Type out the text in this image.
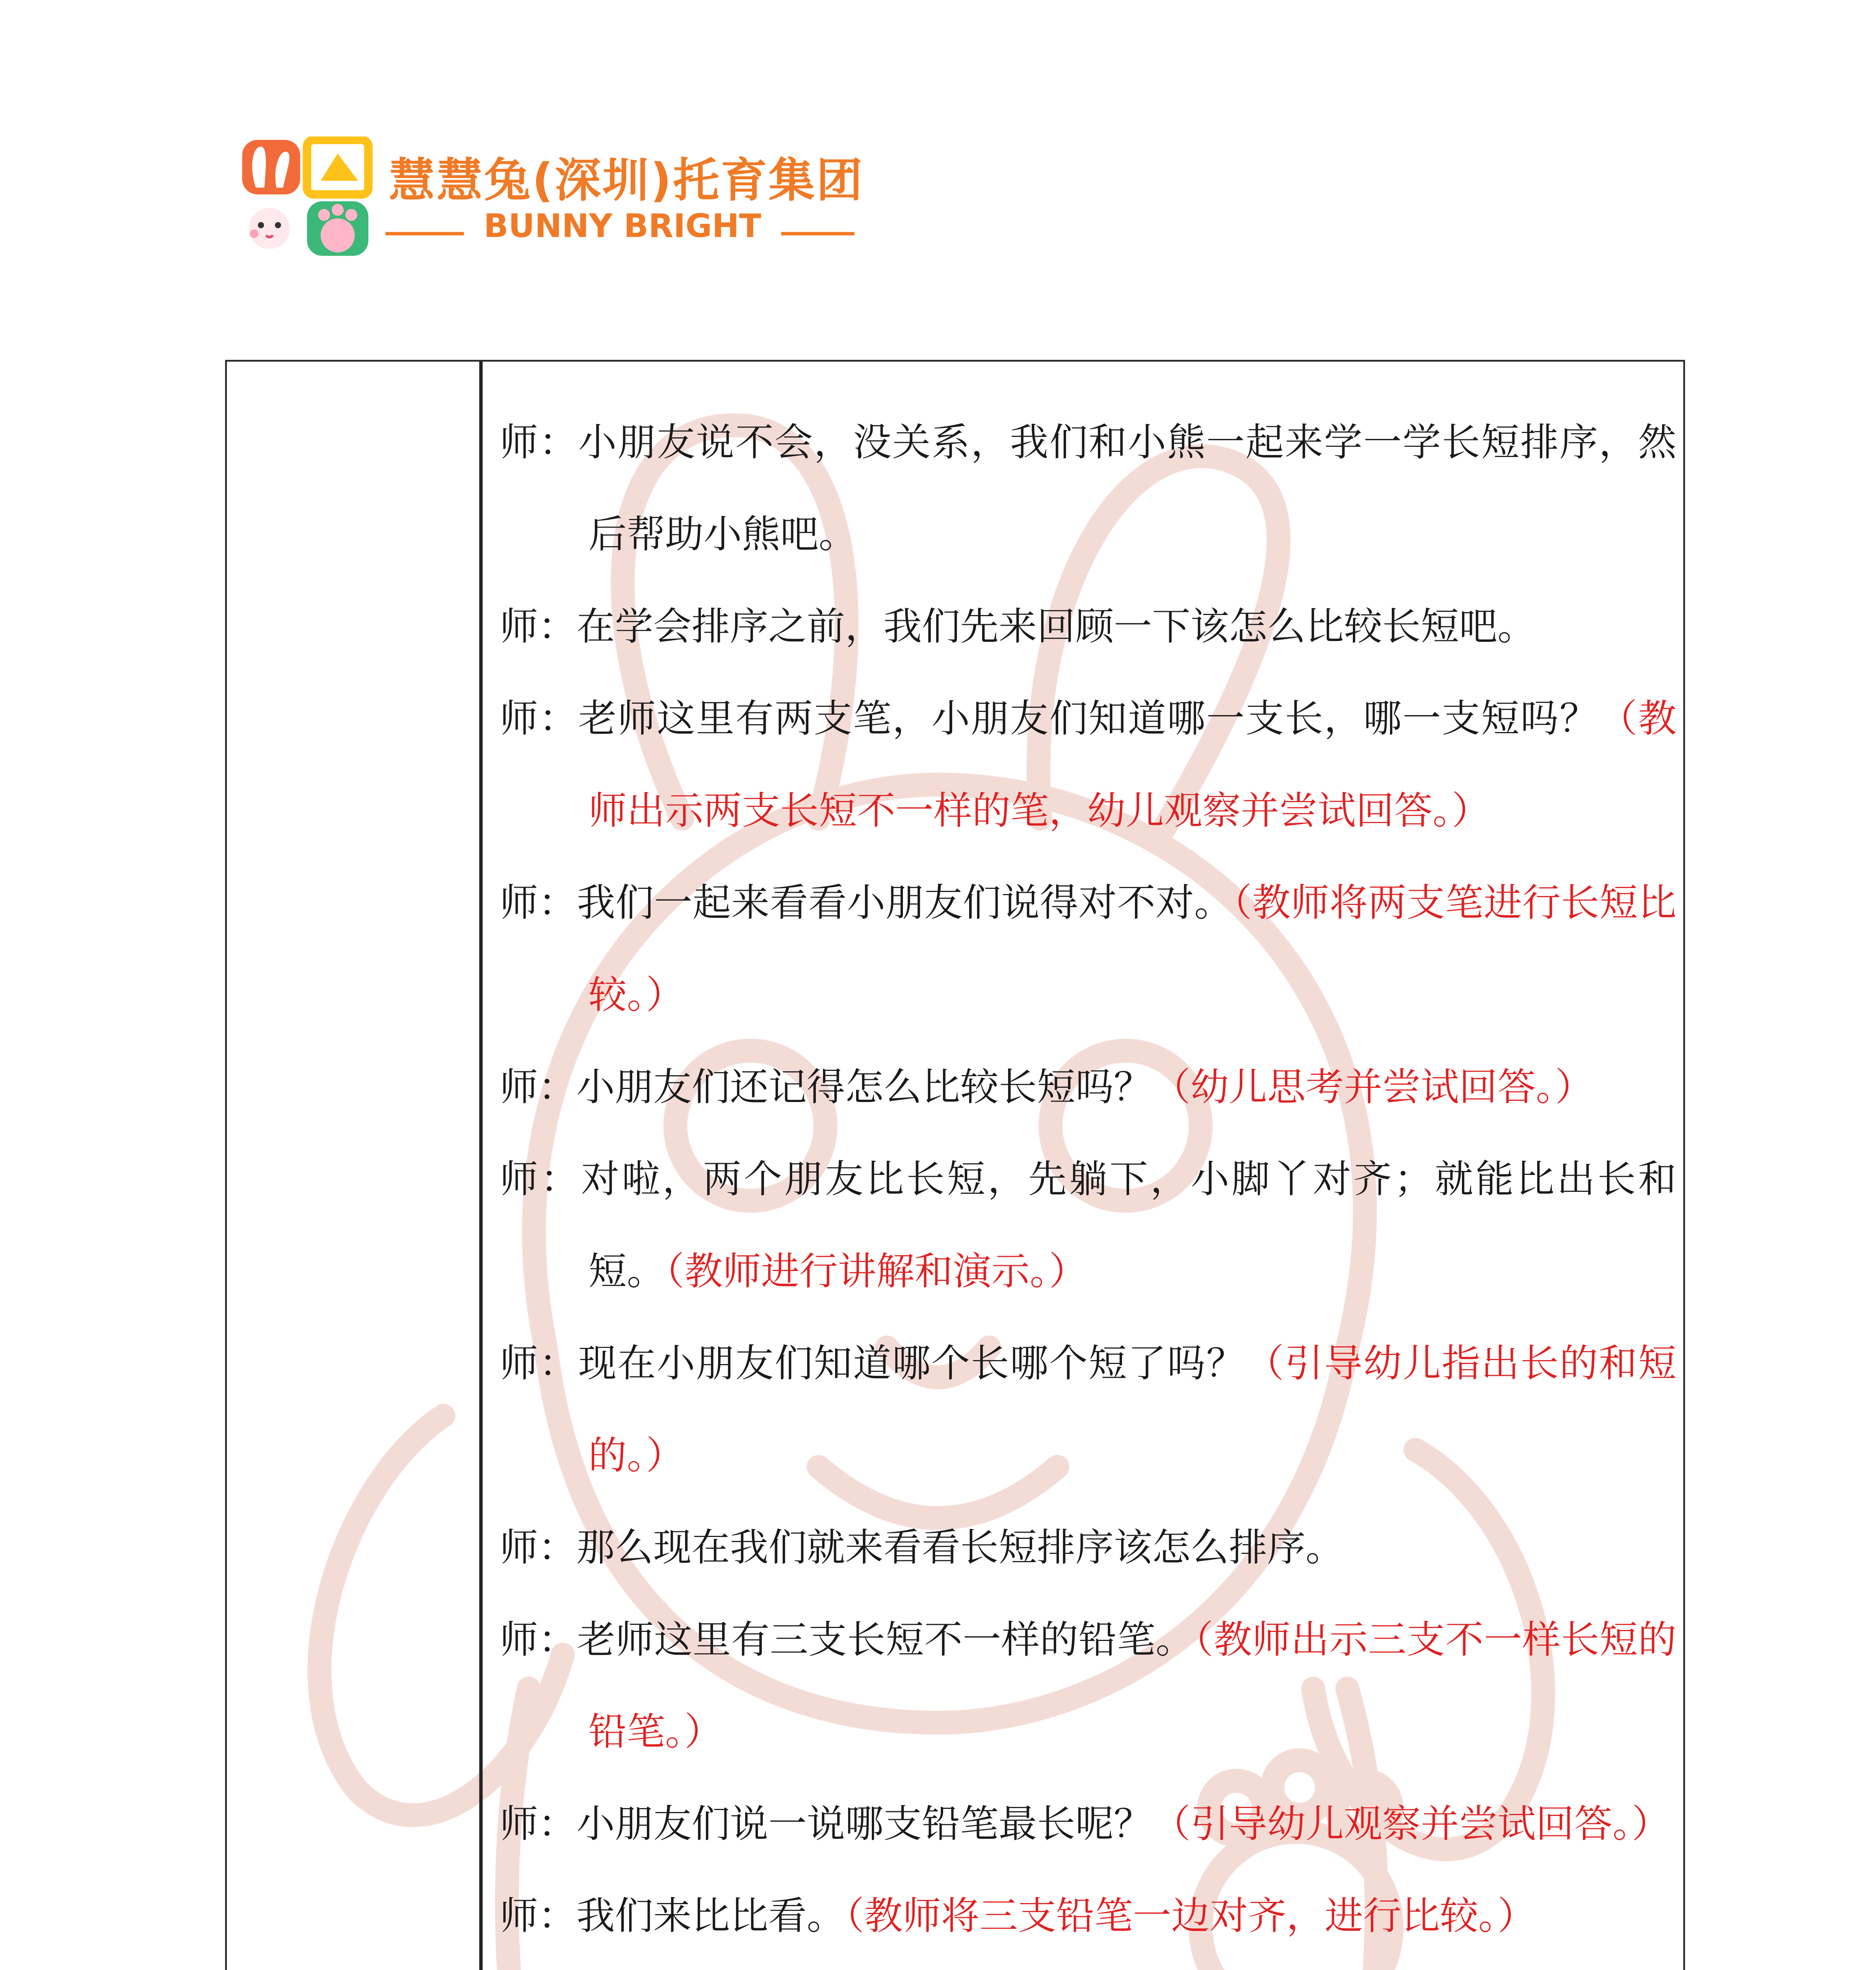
慧慧兔(深圳)托育集团
BUNNY BRIGHT

师：小朋友说不会，没关系，我们和小熊一起来学一学长短排序，然后帮助小熊吧。

师：在学会排序之前，我们先来回顾一下该怎么比较长短吧。

师：老师这里有两支笔，小朋友们知道哪一支长，哪一支短吗？（教师出示两支长短不一样的笔，幼儿观察并尝试回答。）

师：我们一起来看看小朋友们说得对不对。（教师将两支笔进行长短比较。）

师：小朋友们还记得怎么比较长短吗？（幼儿思考并尝试回答。）

师：对啦，两个朋友比长短，先躺下，小脚丫对齐；就能比出长和短。（教师进行讲解和演示。）

师：现在小朋友们知道哪个长哪个短了吗？（引导幼儿指出长的和短的。）

师：那么现在我们就来看看长短排序该怎么排序。

师：老师这里有三支长短不一样的铅笔。（教师出示三支不一样长短的铅笔。）

师：小朋友们说一说哪支铅笔最长呢？（引导幼儿观察并尝试回答。）

师：我们来比比看。（教师将三支铅笔一边对齐，进行比较。）
